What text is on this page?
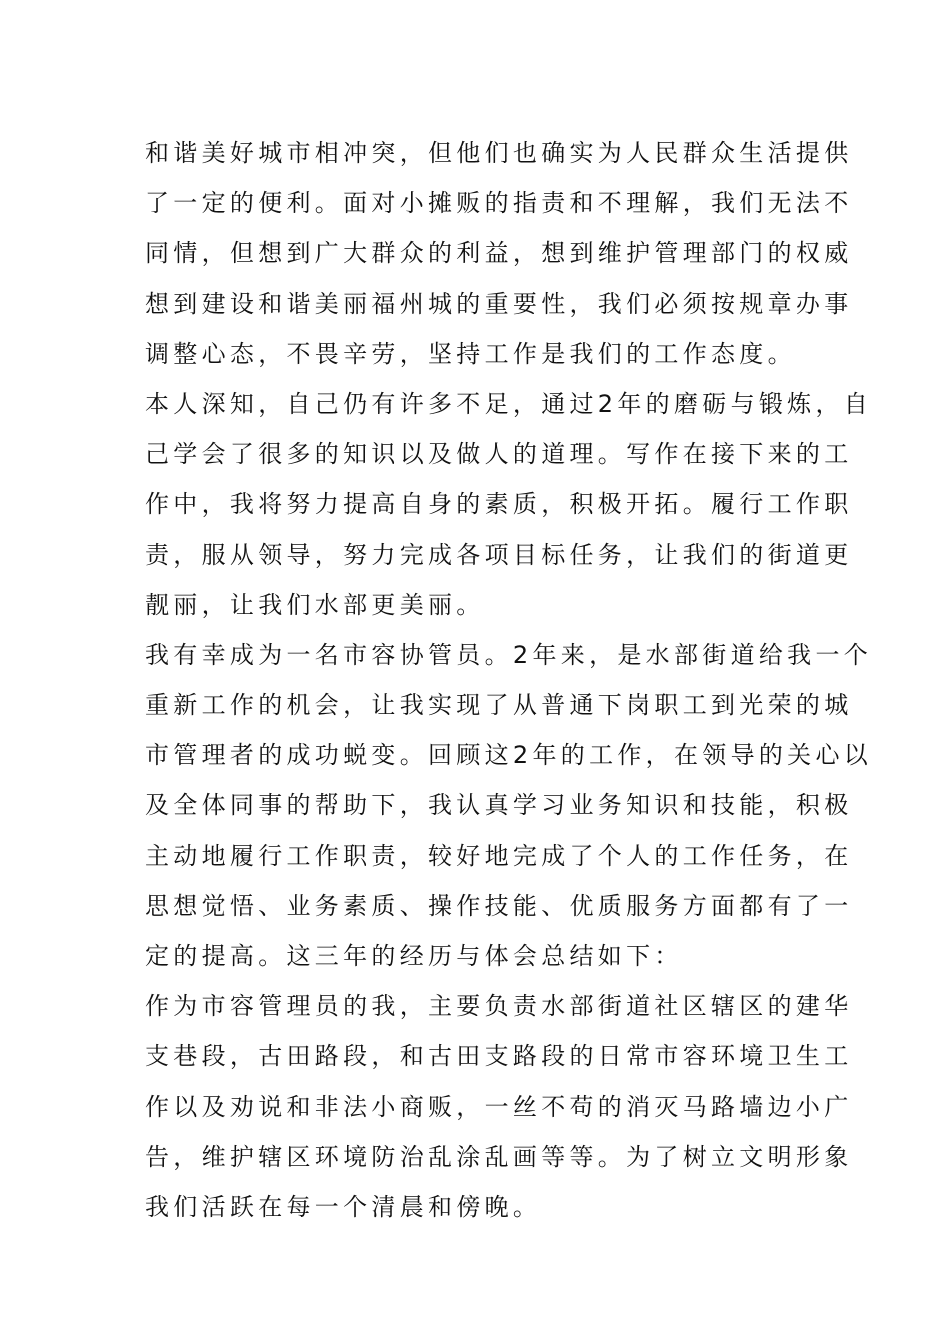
和谐美好城市相冲突，但他们也确实为人民群众生活提供
了一定的便利。面对小摊贩的指责和不理解，我们无法不
同情，但想到广大群众的利益，想到维护管理部门的权威
想到建设和谐美丽福州城的重要性，我们必须按规章办事
调整心态，不畏辛劳，坚持工作是我们的工作态度。
本人深知，自己仍有许多不足，通过2年的磨砺与锻炼，自
己学会了很多的知识以及做人的道理。写作在接下来的工
作中，我将努力提高自身的素质，积极开拓。履行工作职
责，服从领导，努力完成各项目标任务，让我们的街道更
靓丽，让我们水部更美丽。
我有幸成为一名市容协管员。2年来，是水部街道给我一个
重新工作的机会，让我实现了从普通下岗职工到光荣的城
市管理者的成功蜕变。回顾这2年的工作，在领导的关心以
及全体同事的帮助下，我认真学习业务知识和技能，积极
主动地履行工作职责，较好地完成了个人的工作任务，在
思想觉悟、业务素质、操作技能、优质服务方面都有了一
定的提高。这三年的经历与体会总结如下：
作为市容管理员的我，主要负责水部街道社区辖区的建华
支巷段，古田路段，和古田支路段的日常市容环境卫生工
作以及劝说和非法小商贩，一丝不苟的消灭马路墙边小广
告，维护辖区环境防治乱涂乱画等等。为了树立文明形象
我们活跃在每一个清晨和傍晚。
